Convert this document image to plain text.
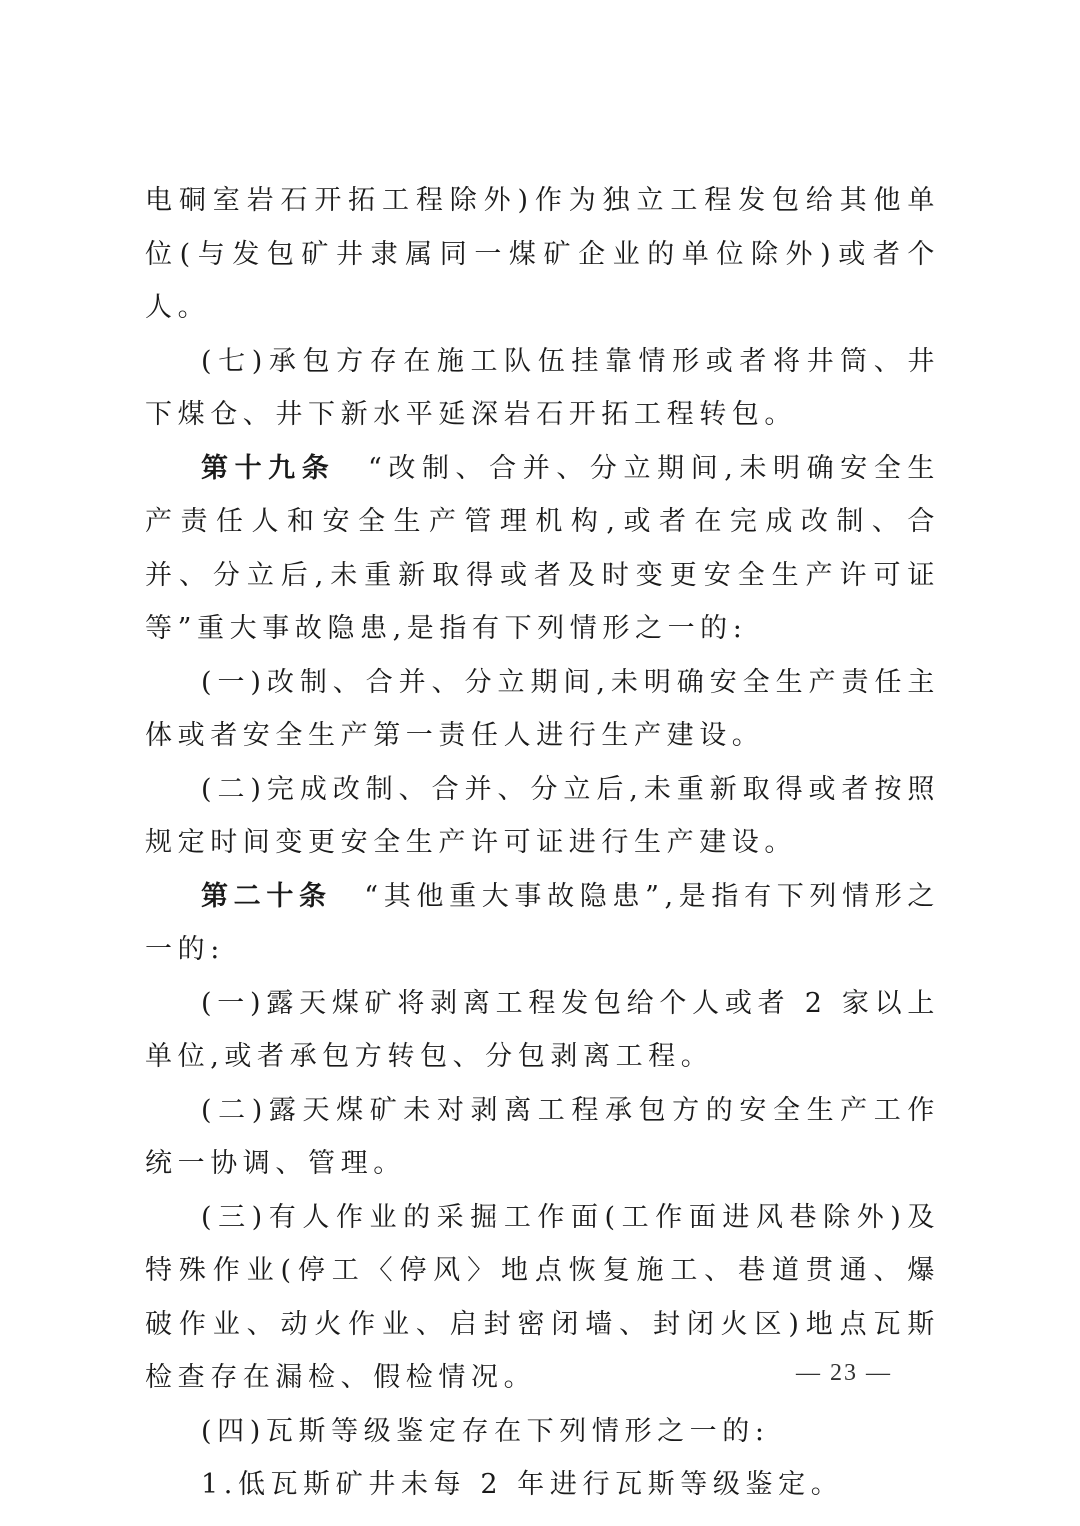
电硐室岩石开拓工程除外)作为独立工程发包给其他单位(与发包矿井隶属同一煤矿企业的单位除外)或者个人。

(七)承包方存在施工队伍挂靠情形或者将井筒、井下煤仓、井下新水平延深岩石开拓工程转包。

第十九条  “改制、合并、分立期间,未明确安全生产责任人和安全生产管理机构,或者在完成改制、合并、分立后,未重新取得或者及时变更安全生产许可证等”重大事故隐患,是指有下列情形之一的:

(一)改制、合并、分立期间,未明确安全生产责任主体或者安全生产第一责任人进行生产建设。

(二)完成改制、合并、分立后,未重新取得或者按照规定时间变更安全生产许可证进行生产建设。

第二十条  “其他重大事故隐患”,是指有下列情形之一的:

(一)露天煤矿将剥离工程发包给个人或者 2 家以上单位,或者承包方转包、分包剥离工程。

(二)露天煤矿未对剥离工程承包方的安全生产工作统一协调、管理。

(三)有人作业的采掘工作面(工作面进风巷除外)及特殊作业(停工〈停风〉地点恢复施工、巷道贯通、爆破作业、动火作业、启封密闭墙、封闭火区)地点瓦斯检查存在漏检、假检情况。

(四)瓦斯等级鉴定存在下列情形之一的:

1.低瓦斯矿井未每 2 年进行瓦斯等级鉴定。

— 23 —
